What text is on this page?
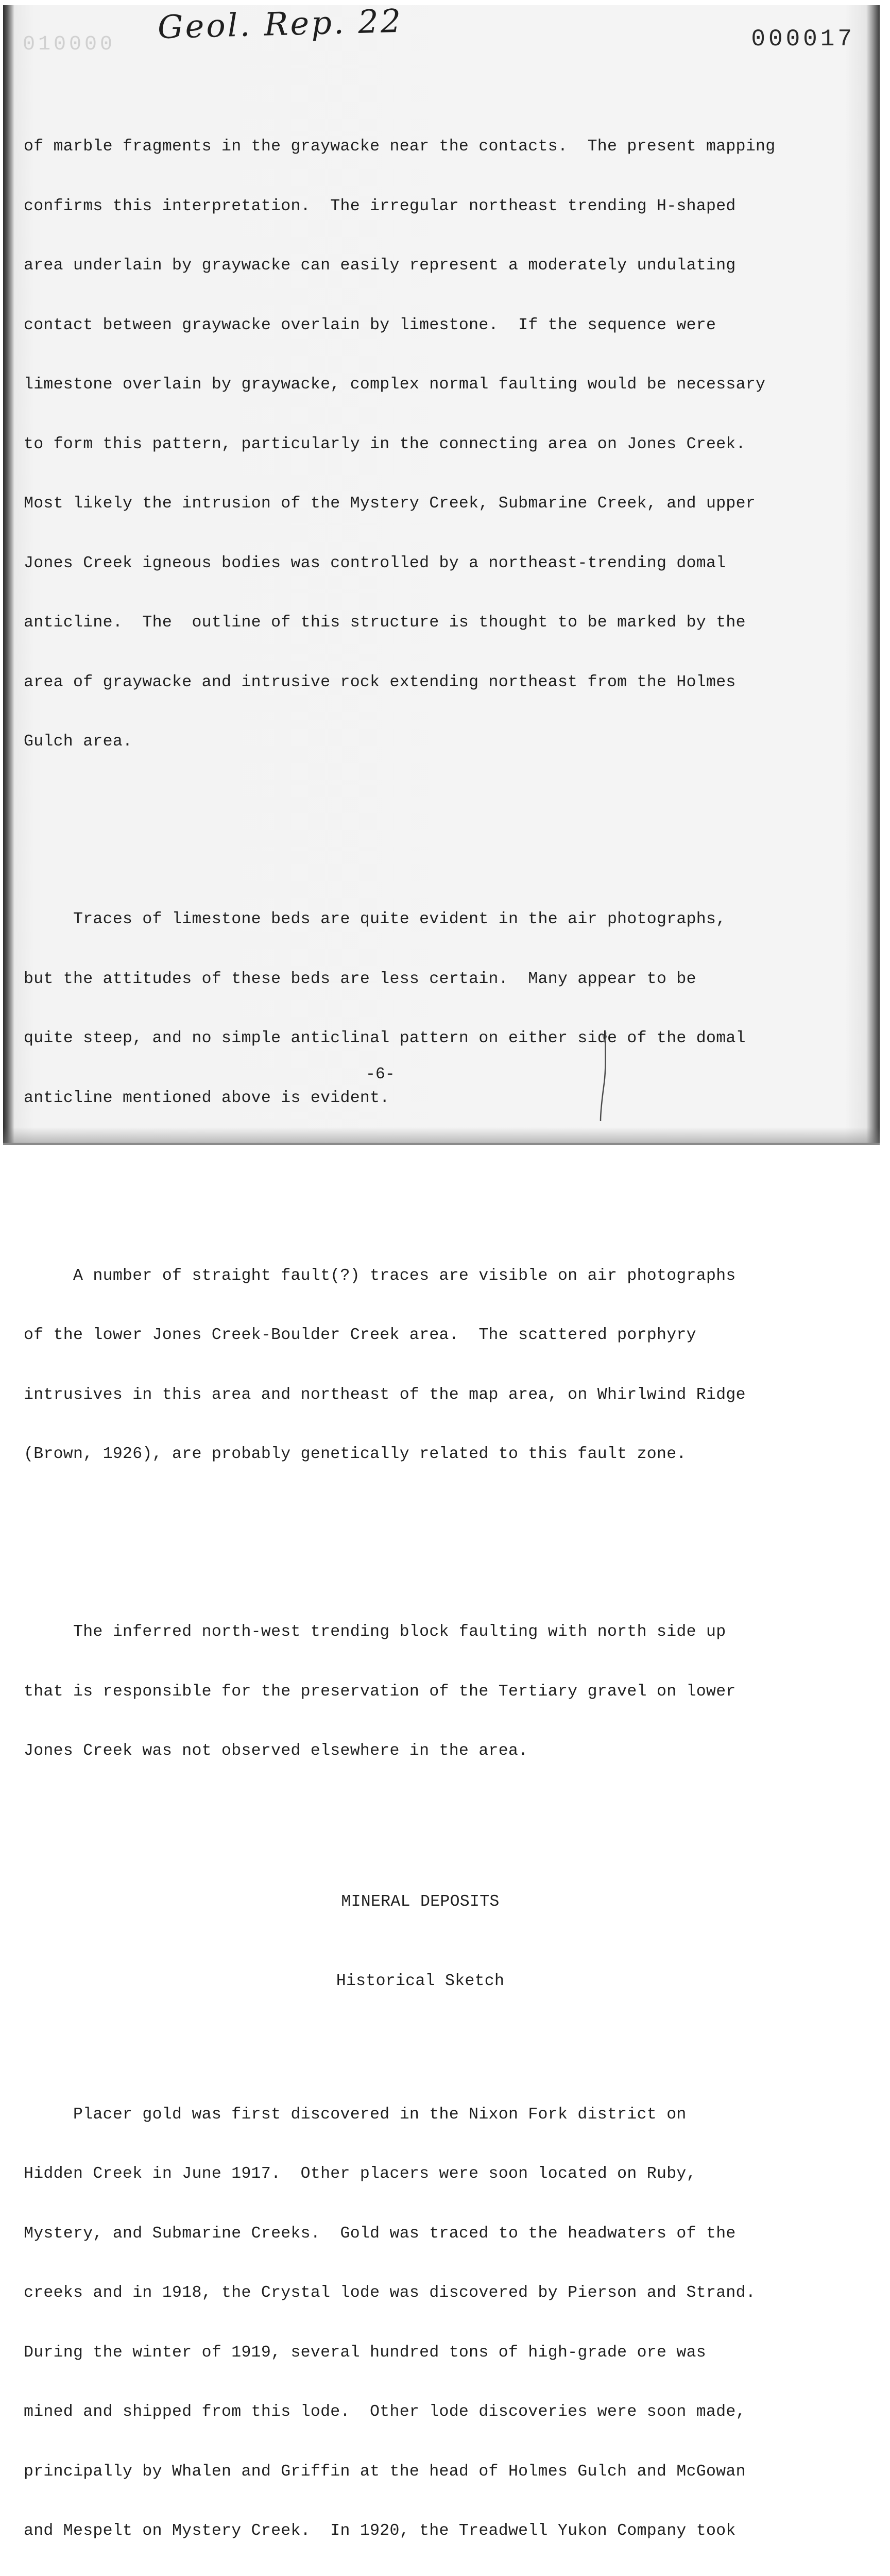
Geol. Rep. 22
010000	000017

of marble fragments in the graywacke near the contacts.  The present mapping

confirms this interpretation.  The irregular northeast trending H-shaped

area underlain by graywacke can easily represent a moderately undulating

contact between graywacke overlain by limestone.  If the sequence were

limestone overlain by graywacke, complex normal faulting would be necessary

to form this pattern, particularly in the connecting area on Jones Creek.

Most likely the intrusion of the Mystery Creek, Submarine Creek, and upper

Jones Creek igneous bodies was controlled by a northeast-trending domal

anticline.  The  outline of this structure is thought to be marked by the

area of graywacke and intrusive rock extending northeast from the Holmes

Gulch area.

Traces of limestone beds are quite evident in the air photographs,

but the attitudes of these beds are less certain.  Many appear to be

quite steep, and no simple anticlinal pattern on either side of the domal

anticline mentioned above is evident.

A number of straight fault(?) traces are visible on air photographs

of the lower Jones Creek-Boulder Creek area.  The scattered porphyry

intrusives in this area and northeast of the map area, on Whirlwind Ridge

(Brown, 1926), are probably genetically related to this fault zone.

The inferred north-west trending block faulting with north side up

that is responsible for the preservation of the Tertiary gravel on lower

Jones Creek was not observed elsewhere in the area.

MINERAL DEPOSITS

Historical Sketch

Placer gold was first discovered in the Nixon Fork district on

Hidden Creek in June 1917.  Other placers were soon located on Ruby,

Mystery, and Submarine Creeks.  Gold was traced to the headwaters of the

creeks and in 1918, the Crystal lode was discovered by Pierson and Strand.

During the winter of 1919, several hundred tons of high-grade ore was

mined and shipped from this lode.  Other lode discoveries were soon made,

principally by Whalen and Griffin at the head of Holmes Gulch and McGowan

and Mespelt on Mystery Creek.  In 1920, the Treadwell Yukon Company took

-6-
